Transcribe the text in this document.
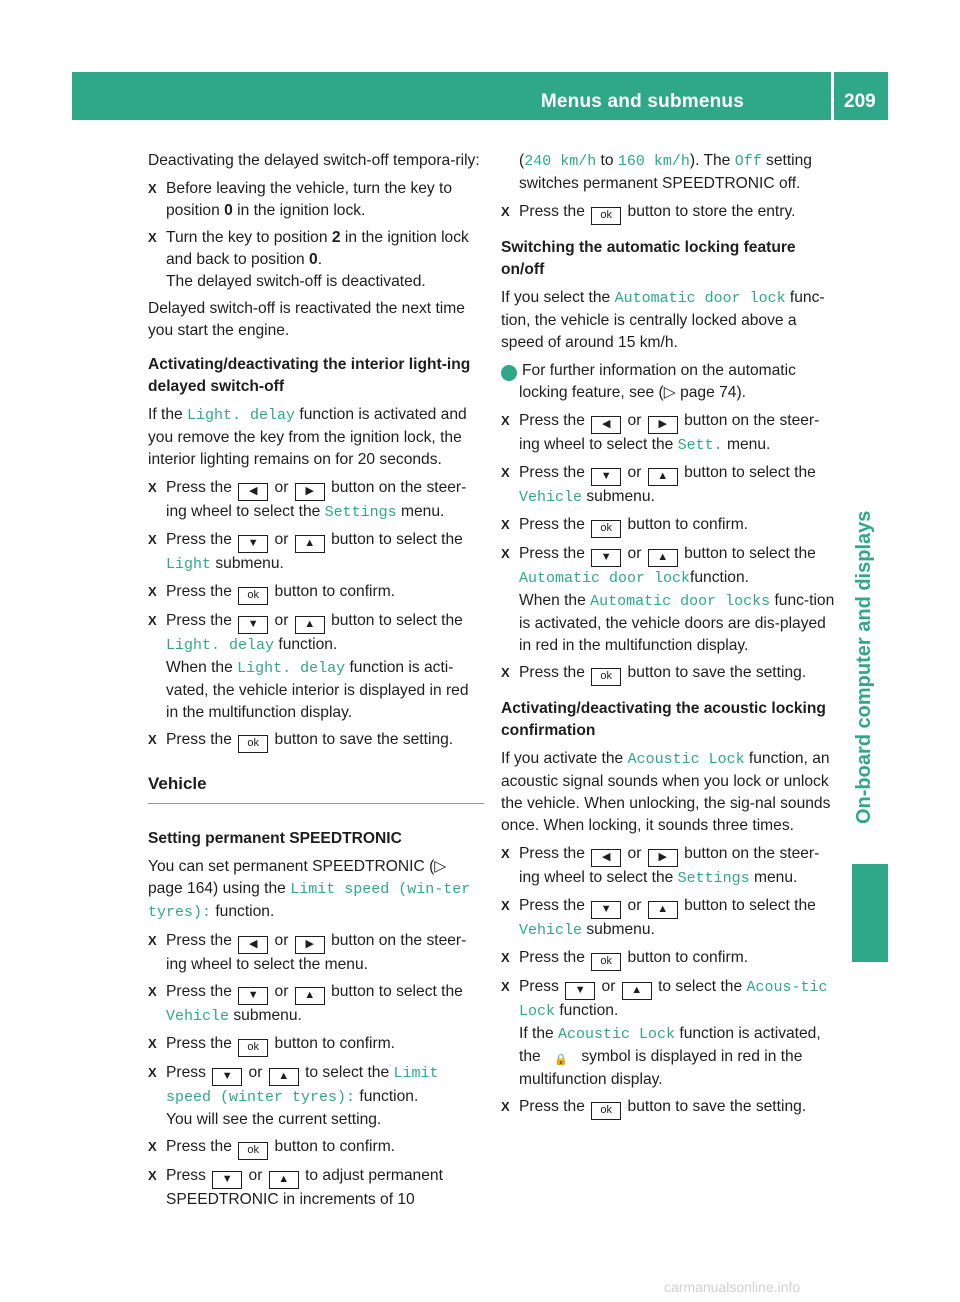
Menus and submenus	209
On-board computer and displays

Deactivating the delayed switch-off tempora-rily:

X Before leaving the vehicle, turn the key to position 0 in the ignition lock.
X Turn the key to position 2 in the ignition lock and back to position 0.
The delayed switch-off is deactivated.

Delayed switch-off is reactivated the next time you start the engine.

Activating/deactivating the interior light-ing delayed switch-off

If the Light. delay function is activated and you remove the key from the ignition lock, the interior lighting remains on for 20 seconds.

X Press the ◀ or ▶ button on the steer-ing wheel to select the Settings menu.
X Press the ▼ or ▲ button to select the Light submenu.
X Press the ok button to confirm.
X Press the ▼ or ▲ button to select the Light. delay function.
When the Light. delay function is acti-vated, the vehicle interior is displayed in red in the multifunction display.
X Press the ok button to save the setting.
Vehicle

Setting permanent SPEEDTRONIC

You can set permanent SPEEDTRONIC (▷ page 164) using the Limit speed (win-ter tyres): function.

X Press the ◀ or ▶ button on the steer-ing wheel to select the menu.
X Press the ▼ or ▲ button to select the Vehicle submenu.
X Press the ok button to confirm.
X Press ▼ or ▲ to select the Limit speed (winter tyres): function.
You will see the current setting.
X Press the ok button to confirm.
X Press ▼ or ▲ to adjust permanent SPEEDTRONIC in increments of 10

(240 km/h to 160 km/h). The Off setting switches permanent SPEEDTRONIC off.

X Press the ok button to store the entry.

Switching the automatic locking feature on/off

If you select the Automatic door lock func-tion, the vehicle is centrally locked above a speed of around 15 km/h.

i For further information on the automatic locking feature, see (▷ page 74).

X Press the ◀ or ▶ button on the steer-ing wheel to select the Sett. menu.
X Press the ▼ or ▲ button to select the Vehicle submenu.
X Press the ok button to confirm.
X Press the ▼ or ▲ button to select the Automatic door lockfunction.
When the Automatic door locks func-tion is activated, the vehicle doors are dis-played in red in the multifunction display.
X Press the ok button to save the setting.

Activating/deactivating the acoustic locking confirmation

If you activate the Acoustic Lock function, an acoustic signal sounds when you lock or unlock the vehicle. When unlocking, the sig-nal sounds once. When locking, it sounds three times.

X Press the ◀ or ▶ button on the steer-ing wheel to select the Settings menu.
X Press the ▼ or ▲ button to select the Vehicle submenu.
X Press the ok button to confirm.
X Press ▼ or ▲ to select the Acous-tic Lock function.
If the Acoustic Lock function is activated, the 🔒 symbol is displayed in red in the multifunction display.
X Press the ok button to save the setting.
carmanualsonline.info
